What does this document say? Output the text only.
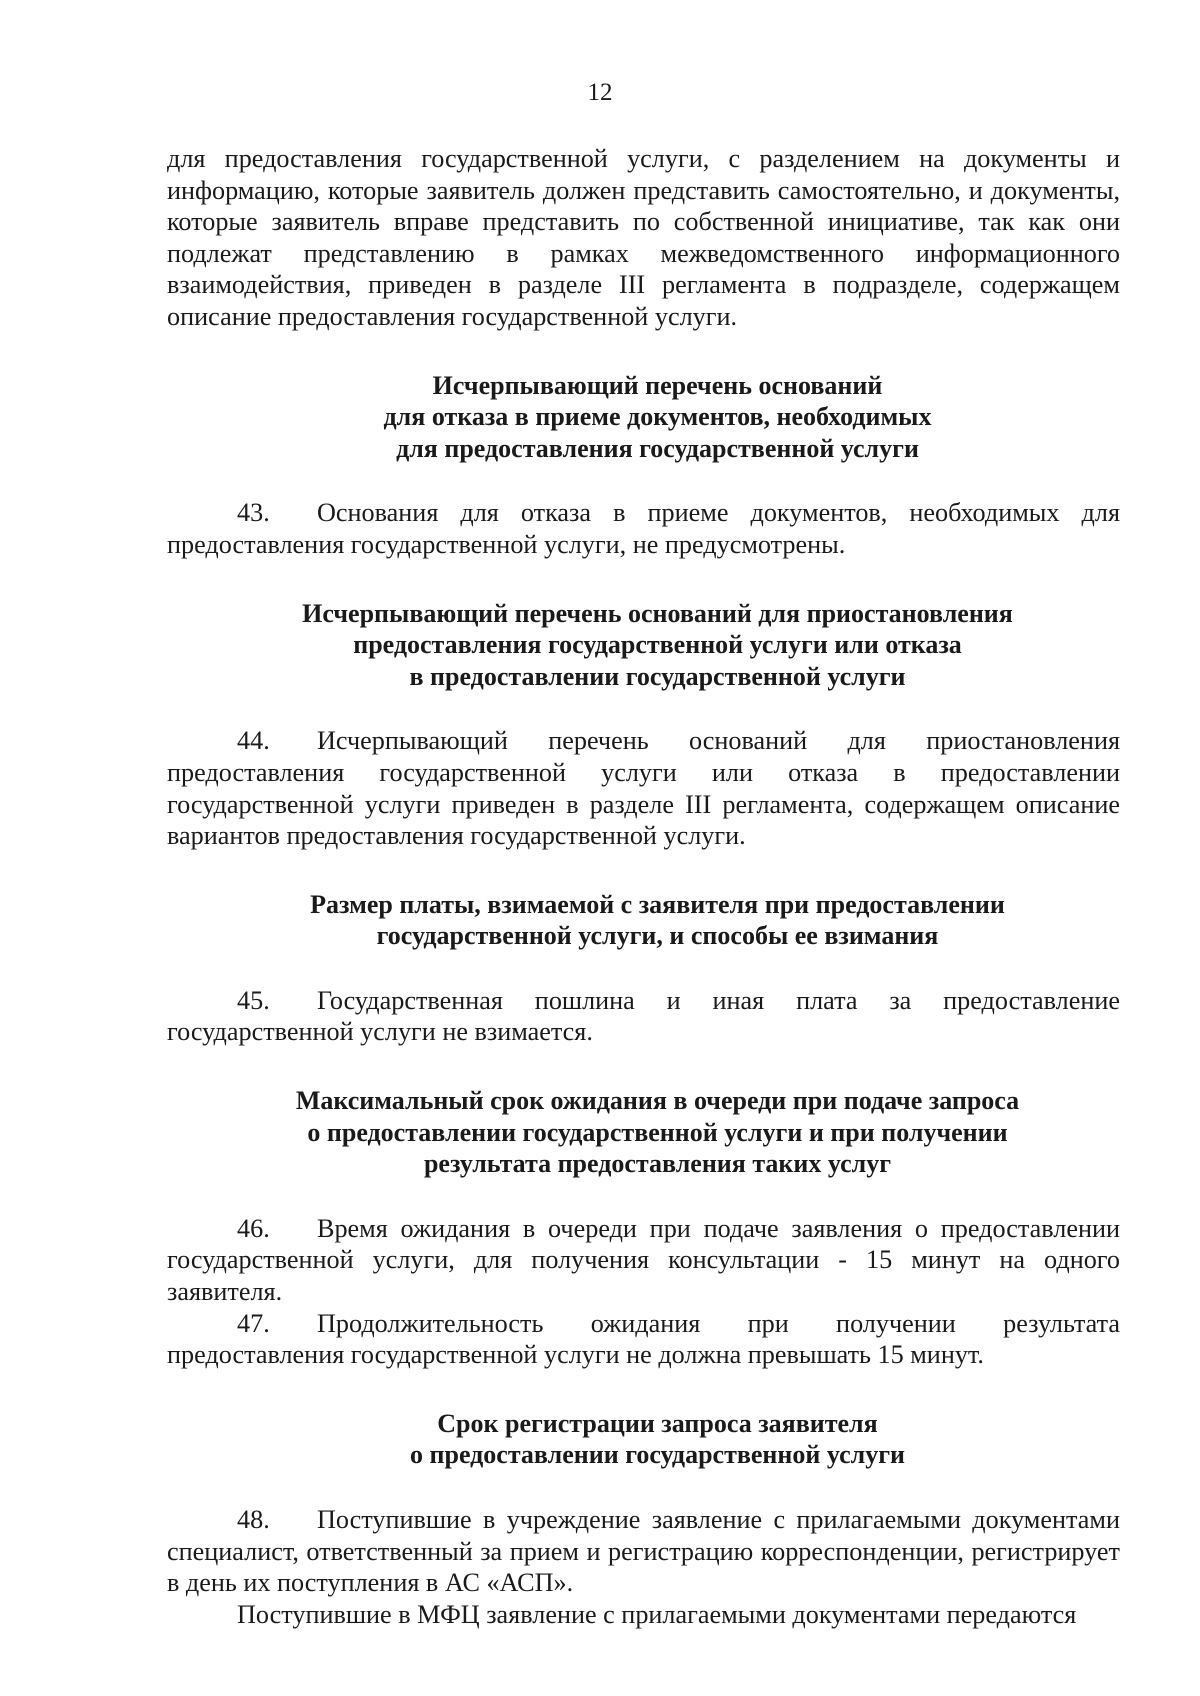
12

для предоставления государственной услуги, с разделением на документы и информацию, которые заявитель должен представить самостоятельно, и документы, которые заявитель вправе представить по собственной инициативе, так как они подлежат представлению в рамках межведомственного информационного взаимодействия, приведен в разделе III регламента в подразделе, содержащем описание предоставления государственной услуги.

Исчерпывающий перечень оснований
для отказа в приеме документов, необходимых
для предоставления государственной услуги

43. Основания для отказа в приеме документов, необходимых для предоставления государственной услуги, не предусмотрены.

Исчерпывающий перечень оснований для приостановления
предоставления государственной услуги или отказа
в предоставлении государственной услуги

44. Исчерпывающий перечень оснований для приостановления предоставления государственной услуги или отказа в предоставлении государственной услуги приведен в разделе III регламента, содержащем описание вариантов предоставления государственной услуги.

Размер платы, взимаемой с заявителя при предоставлении
государственной услуги, и способы ее взимания

45. Государственная пошлина и иная плата за предоставление государственной услуги не взимается.

Максимальный срок ожидания в очереди при подаче запроса
о предоставлении государственной услуги и при получении
результата предоставления таких услуг

46. Время ожидания в очереди при подаче заявления о предоставлении государственной услуги, для получения консультации - 15 минут на одного заявителя.

47. Продолжительность ожидания при получении результата предоставления государственной услуги не должна превышать 15 минут.

Срок регистрации запроса заявителя
о предоставлении государственной услуги

48. Поступившие в учреждение заявление с прилагаемыми документами специалист, ответственный за прием и регистрацию корреспонденции, регистрирует в день их поступления в АС «АСП».

Поступившие в МФЦ заявление с прилагаемыми документами передаются
